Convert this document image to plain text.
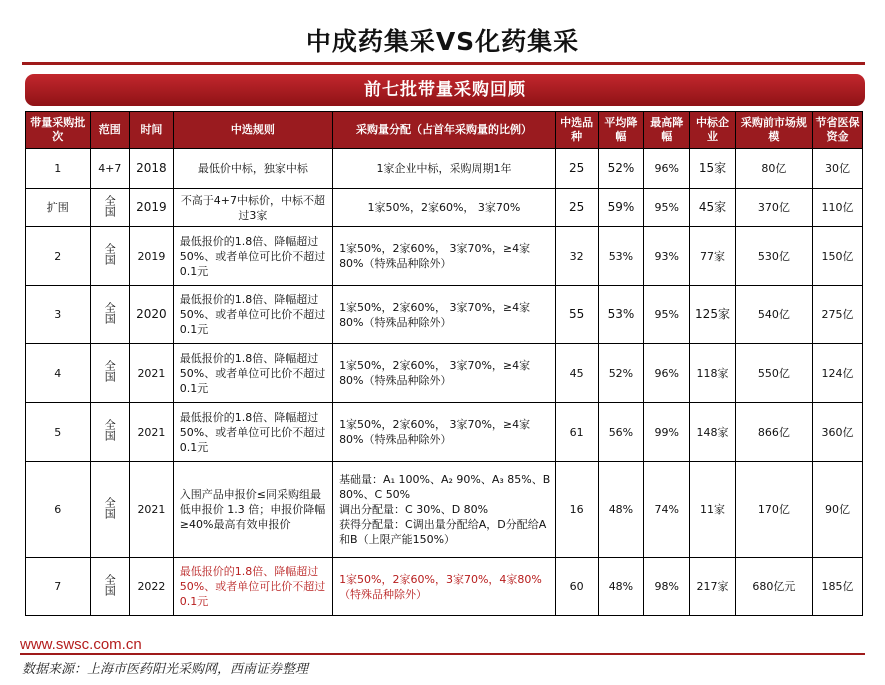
中成药集采VS化药集采
前七批带量采购回顾
带量采购批次	范围	时间	中选规则	采购量分配（占首年采购量的比例）	中选品种	平均降幅	最高降幅	中标企业	采购前市场规模	节省医保资金
1	4+7	2018	最低价中标，独家中标	1家企业中标，采购周期1年	25	52%	96%	15家	80亿	30亿
扩围	全国	2019	不高于4+7中标价，中标不超过3家	1家50%，2家60%， 3家70%	25	59%	95%	45家	370亿	110亿
2	全国	2019	最低报价的1.8倍、降幅超过50%、或者单位可比价不超过0.1元	1家50%，2家60%， 3家70%，≥4家80%（特殊品种除外）	32	53%	93%	77家	530亿	150亿
3	全国	2020	最低报价的1.8倍、降幅超过50%、或者单位可比价不超过0.1元	1家50%，2家60%， 3家70%，≥4家80%（特殊品种除外）	55	53%	95%	125家	540亿	275亿
4	全国	2021	最低报价的1.8倍、降幅超过50%、或者单位可比价不超过0.1元	1家50%，2家60%， 3家70%，≥4家80%（特殊品种除外）	45	52%	96%	118家	550亿	124亿
5	全国	2021	最低报价的1.8倍、降幅超过50%、或者单位可比价不超过0.1元	1家50%，2家60%， 3家70%，≥4家80%（特殊品种除外）	61	56%	99%	148家	866亿	360亿
6	全国	2021	入围产品申报价≤同采购组最低申报价 1.3 倍；申报价降幅≥40%最高有效申报价	基础量：A₁ 100%、A₂ 90%、A₃ 85%、B 80%、C 50%
调出分配量：C 30%、D 80%
获得分配量：C调出量分配给A，D分配给A和B（上限产能150%）	16	48%	74%	11家	170亿	90亿
7	全国	2022	最低报价的1.8倍、降幅超过50%、或者单位可比价不超过0.1元	1家50%，2家60%，3家70%，4家80%（特殊品种除外）	60	48%	98%	217家	680亿元	185亿
www.swsc.com.cn
数据来源：上海市医药阳光采购网，西南证券整理
